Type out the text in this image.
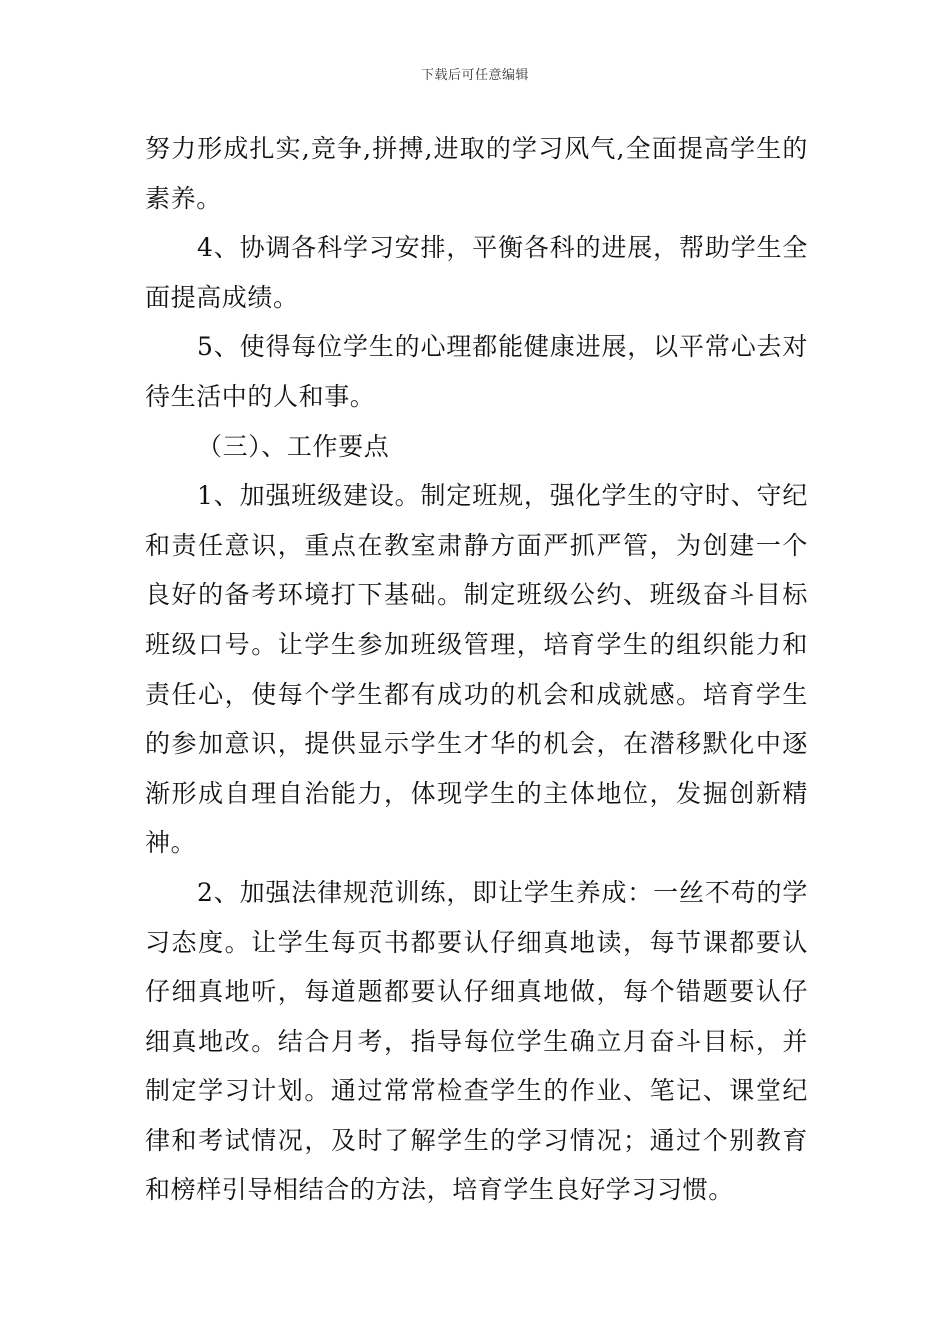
下载后可任意编辑

努力形成扎实,竞争,拼搏,进取的学习风气,全面提高学生的素养。

4、协调各科学习安排，平衡各科的进展，帮助学生全面提高成绩。

5、使得每位学生的心理都能健康进展，以平常心去对待生活中的人和事。

（三）、工作要点

1、加强班级建设。制定班规，强化学生的守时、守纪和责任意识，重点在教室肃静方面严抓严管，为创建一个良好的备考环境打下基础。制定班级公约、班级奋斗目标班级口号。让学生参加班级管理，培育学生的组织能力和责任心，使每个学生都有成功的机会和成就感。培育学生的参加意识，提供显示学生才华的机会，在潜移默化中逐渐形成自理自治能力，体现学生的主体地位，发掘创新精神。

2、加强法律规范训练，即让学生养成：一丝不苟的学习态度。让学生每页书都要认仔细真地读，每节课都要认仔细真地听，每道题都要认仔细真地做，每个错题要认仔细真地改。结合月考，指导每位学生确立月奋斗目标，并制定学习计划。通过常常检查学生的作业、笔记、课堂纪律和考试情况，及时了解学生的学习情况；通过个别教育和榜样引导相结合的方法，培育学生良好学习习惯。
